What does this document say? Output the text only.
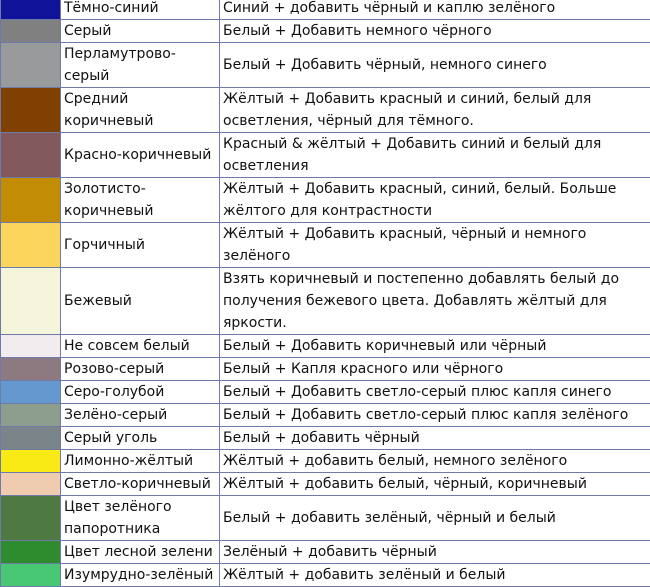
	Тёмно-синий	Синий + добавить чёрный и каплю зелёного
	Серый	Белый + Добавить немного чёрного
	Перламутрово-серый	Белый + Добавить чёрный, немного синего
	Средний коричневый	Жёлтый + Добавить красный и синий, белый для осветления, чёрный для тёмного.
	Красно-коричневый	Красный & жёлтый + Добавить синий и белый для осветления
	Золотисто-коричневый	Жёлтый + Добавить красный, синий, белый. Больше жёлтого для контрастности
	Горчичный	Жёлтый + Добавить красный, чёрный и немного зелёного
	Бежевый	Взять коричневый и постепенно добавлять белый до получения бежевого цвета. Добавлять жёлтый для яркости.
	Не совсем белый	Белый + Добавить коричневый или чёрный
	Розово-серый	Белый + Капля красного или чёрного
	Серо-голубой	Белый + Добавить светло-серый плюс капля синего
	Зелёно-серый	Белый + Добавить светло-серый плюс капля зелёного
	Серый уголь	Белый + добавить чёрный
	Лимонно-жёлтый	Жёлтый + добавить белый, немного зелёного
	Светло-коричневый	Жёлтый + добавить белый, чёрный, коричневый
	Цвет зелёного папоротника	Белый + добавить зелёный, чёрный и белый
	Цвет лесной зелени	Зелёный + добавить чёрный
	Изумрудно-зелёный	Жёлтый + добавить зелёный и белый
